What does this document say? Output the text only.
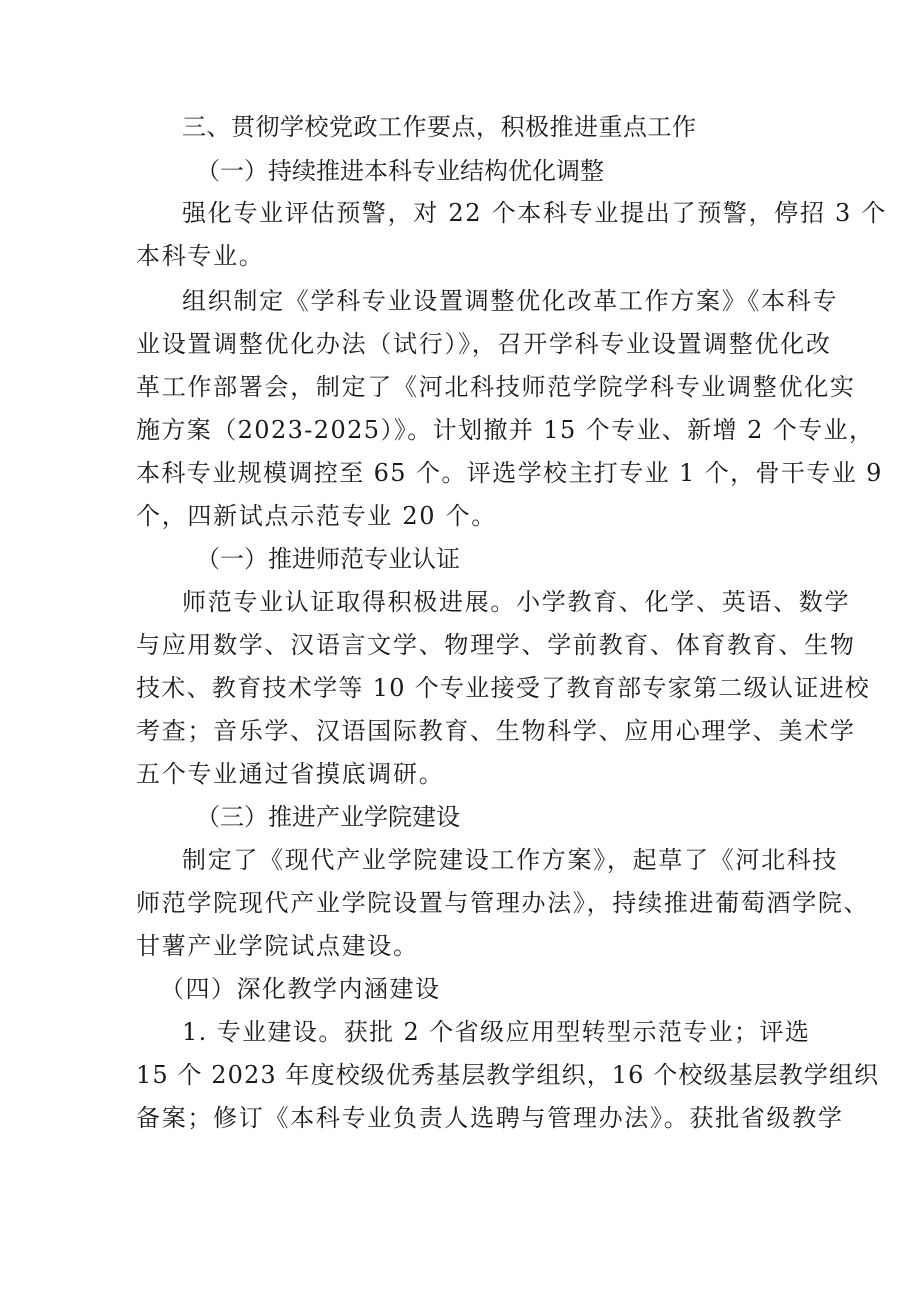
三、贯彻学校党政工作要点，积极推进重点工作
（一）持续推进本科专业结构优化调整
强化专业评估预警，对 22 个本科专业提出了预警，停招 3 个
本科专业。
组织制定《学科专业设置调整优化改革工作方案》《本科专
业设置调整优化办法（试行）》，召开学科专业设置调整优化改
革工作部署会，制定了《河北科技师范学院学科专业调整优化实
施方案（2023-2025）》。计划撤并 15 个专业、新增 2 个专业，
本科专业规模调控至 65 个。评选学校主打专业 1 个，骨干专业 9
个，四新试点示范专业 20 个。
（一）推进师范专业认证
师范专业认证取得积极进展。小学教育、化学、英语、数学
与应用数学、汉语言文学、物理学、学前教育、体育教育、生物
技术、教育技术学等 10 个专业接受了教育部专家第二级认证进校
考查；音乐学、汉语国际教育、生物科学、应用心理学、美术学
五个专业通过省摸底调研。
（三）推进产业学院建设
制定了《现代产业学院建设工作方案》，起草了《河北科技
师范学院现代产业学院设置与管理办法》，持续推进葡萄酒学院、
甘薯产业学院试点建设。
（四）深化教学内涵建设
1. 专业建设。获批 2 个省级应用型转型示范专业；评选
15 个 2023 年度校级优秀基层教学组织，16 个校级基层教学组织
备案；修订《本科专业负责人选聘与管理办法》。获批省级教学
